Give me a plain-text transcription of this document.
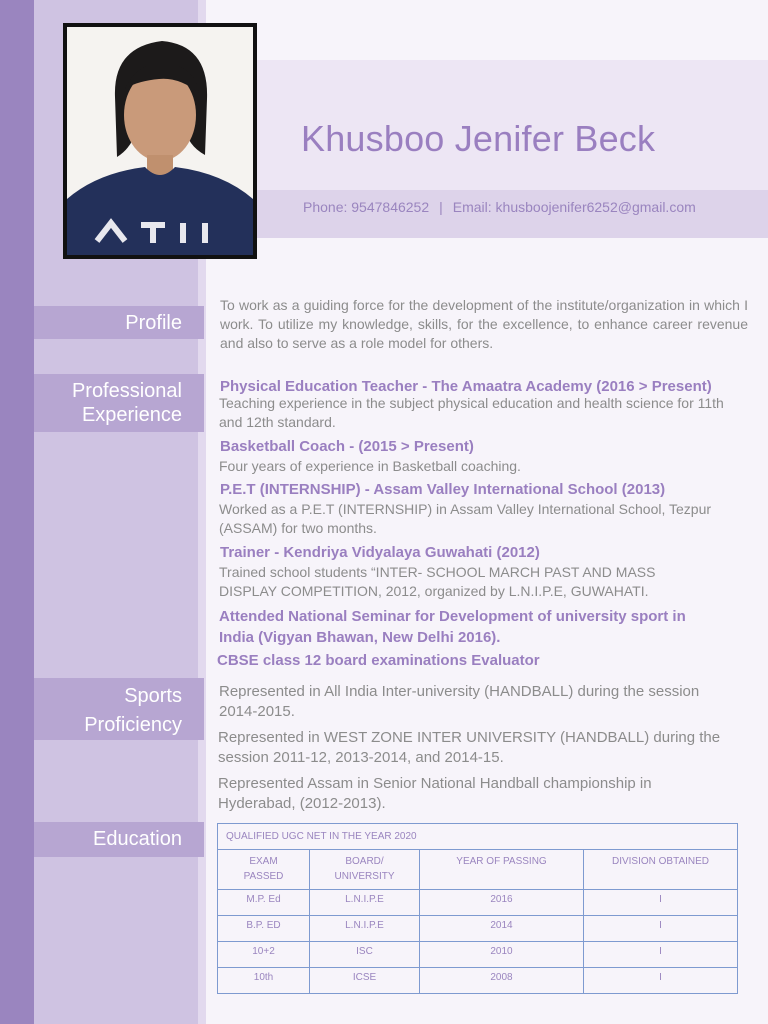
Khusboo Jenifer Beck
Phone: 9547846252 | Email: khusboojenifer6252@gmail.com
Profile
Professional
Experience
Sports
Proficiency
Education
To work as a guiding force for the development of the institute/organization in which I work. To utilize my knowledge, skills, for the excellence, to enhance career revenue and also to serve as a role model for others.
Physical Education Teacher - The Amaatra Academy (2016 > Present)
Teaching experience in the subject physical education and health science for 11th and 12th standard.
Basketball Coach - (2015 > Present)
Four years of experience in Basketball coaching.
P.E.T (INTERNSHIP) - Assam Valley International School (2013)
Worked as a P.E.T (INTERNSHIP) in Assam Valley International School, Tezpur (ASSAM) for two months.
Trainer - Kendriya Vidyalaya Guwahati (2012)
Trained school students “INTER- SCHOOL MARCH PAST AND MASS DISPLAY COMPETITION, 2012, organized by L.N.I.P.E, GUWAHATI.
Attended National Seminar for Development of university sport in India (Vigyan Bhawan, New Delhi 2016).
CBSE class 12 board examinations Evaluator
Represented in All India Inter-university (HANDBALL) during the session 2014-2015.
Represented in WEST ZONE INTER UNIVERSITY (HANDBALL) during the session 2011-12, 2013-2014, and 2014-15.
Represented Assam in Senior National Handball championship in Hyderabad, (2012-2013).
QUALIFIED UGC NET IN THE YEAR 2020			
EXAM PASSED	BOARD/ UNIVERSITY	YEAR OF PASSING	DIVISION OBTAINED
M.P. Ed	L.N.I.P.E	2016	I
B.P. ED	L.N.I.P.E	2014	I
10+2	ISC	2010	I
10th	ICSE	2008	I
